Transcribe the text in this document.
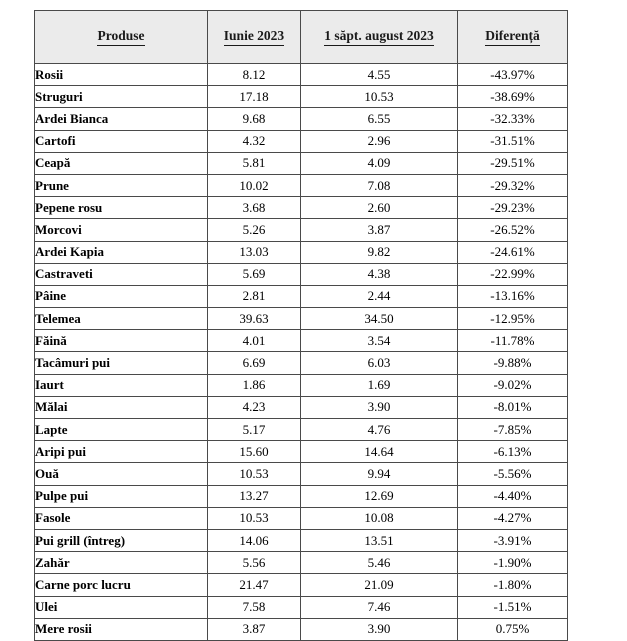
Produse	Iunie 2023	1 săpt. august 2023	Diferență
Rosii	8.12	4.55	-43.97%
Struguri	17.18	10.53	-38.69%
Ardei Bianca	9.68	6.55	-32.33%
Cartofi	4.32	2.96	-31.51%
Ceapă	5.81	4.09	-29.51%
Prune	10.02	7.08	-29.32%
Pepene rosu	3.68	2.60	-29.23%
Morcovi	5.26	3.87	-26.52%
Ardei Kapia	13.03	9.82	-24.61%
Castraveti	5.69	4.38	-22.99%
Pâine	2.81	2.44	-13.16%
Telemea	39.63	34.50	-12.95%
Făină	4.01	3.54	-11.78%
Tacâmuri pui	6.69	6.03	-9.88%
Iaurt	1.86	1.69	-9.02%
Mălai	4.23	3.90	-8.01%
Lapte	5.17	4.76	-7.85%
Aripi pui	15.60	14.64	-6.13%
Ouă	10.53	9.94	-5.56%
Pulpe pui	13.27	12.69	-4.40%
Fasole	10.53	10.08	-4.27%
Pui grill (întreg)	14.06	13.51	-3.91%
Zahăr	5.56	5.46	-1.90%
Carne porc lucru	21.47	21.09	-1.80%
Ulei	7.58	7.46	-1.51%
Mere rosii	3.87	3.90	0.75%
